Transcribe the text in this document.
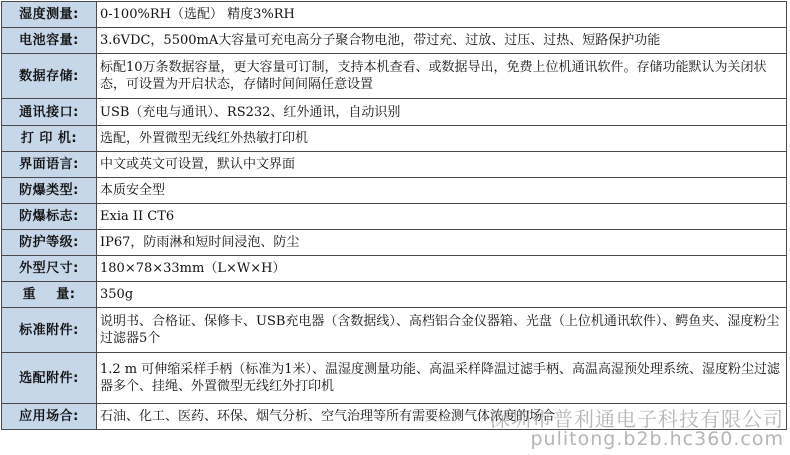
湿度测量:	0-100%RH（选配） 精度3%RH
电池容量:	3.6VDC，5500mA大容量可充电高分子聚合物电池，带过充、过放、过压、过热、短路保护功能
数据存储:	标配10万条数据容量，更大容量可订制，支持本机查看、或数据导出，免费上位机通讯软件。存储功能默认为关闭状态，可设置为开启状态，存储时间间隔任意设置
通讯接口:	USB（充电与通讯）、RS232、红外通讯，自动识别
打 印 机:	选配，外置微型无线红外热敏打印机
界面语言:	中文或英文可设置，默认中文界面
防爆类型:	本质安全型
防爆标志:	Exia II CT6
防护等级:	IP67，防雨淋和短时间浸泡、防尘
外型尺寸:	180×78×33mm（L×W×H）
重    量:	350g
标准附件:	说明书、合格证、保修卡、USB充电器（含数据线）、高档铝合金仪器箱、光盘（上位机通讯软件）、鳄鱼夹、湿度粉尘过滤器5个
选配附件:	1.2 m 可伸缩采样手柄（标准为1米）、温湿度测量功能、高温采样降温过滤手柄、高温高湿预处理系统、湿度粉尘过滤器多个、挂绳、外置微型无线红外打印机
应用场合:	石油、化工、医药、环保、烟气分析、空气治理等所有需要检测气体浓度的场合
深圳市普利通电子科技有限公司
pulitong.b2b.hc360.com
